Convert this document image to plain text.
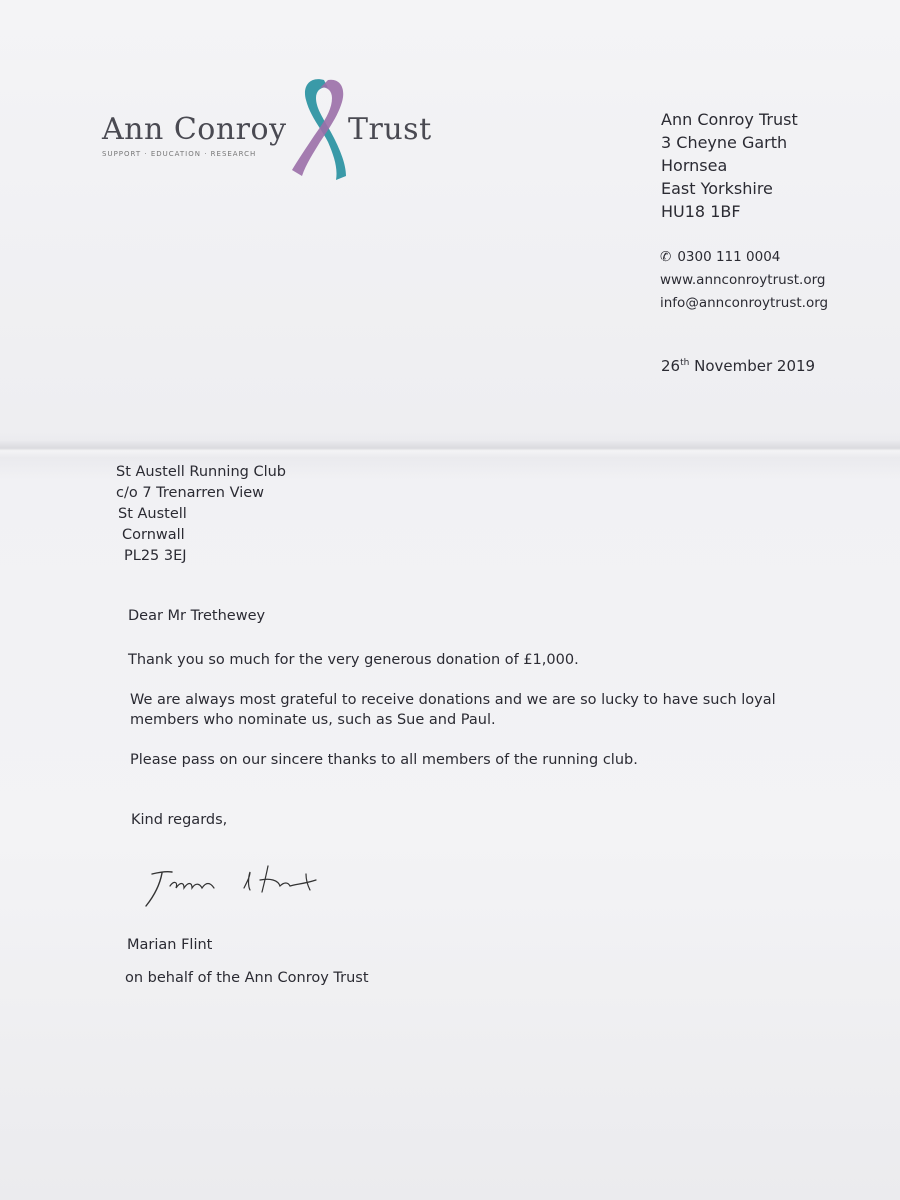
Ann Conroy Trust
SUPPORT · EDUCATION · RESEARCH
Ann Conroy Trust
3 Cheyne Garth
Hornsea
East Yorkshire
HU18 1BF
✆ 0300 111 0004
www.annconroytrust.org
info@annconroytrust.org
26th November 2019
St Austell Running Club
c/o 7 Trenarren View
St Austell
Cornwall
PL25 3EJ
Dear Mr Trethewey
Thank you so much for the very generous donation of £1,000.
We are always most grateful to receive donations and we are so lucky to have such loyal
members who nominate us, such as Sue and Paul.
Please pass on our sincere thanks to all members of the running club.
Kind regards,
Marian Flint
on behalf of the Ann Conroy Trust
